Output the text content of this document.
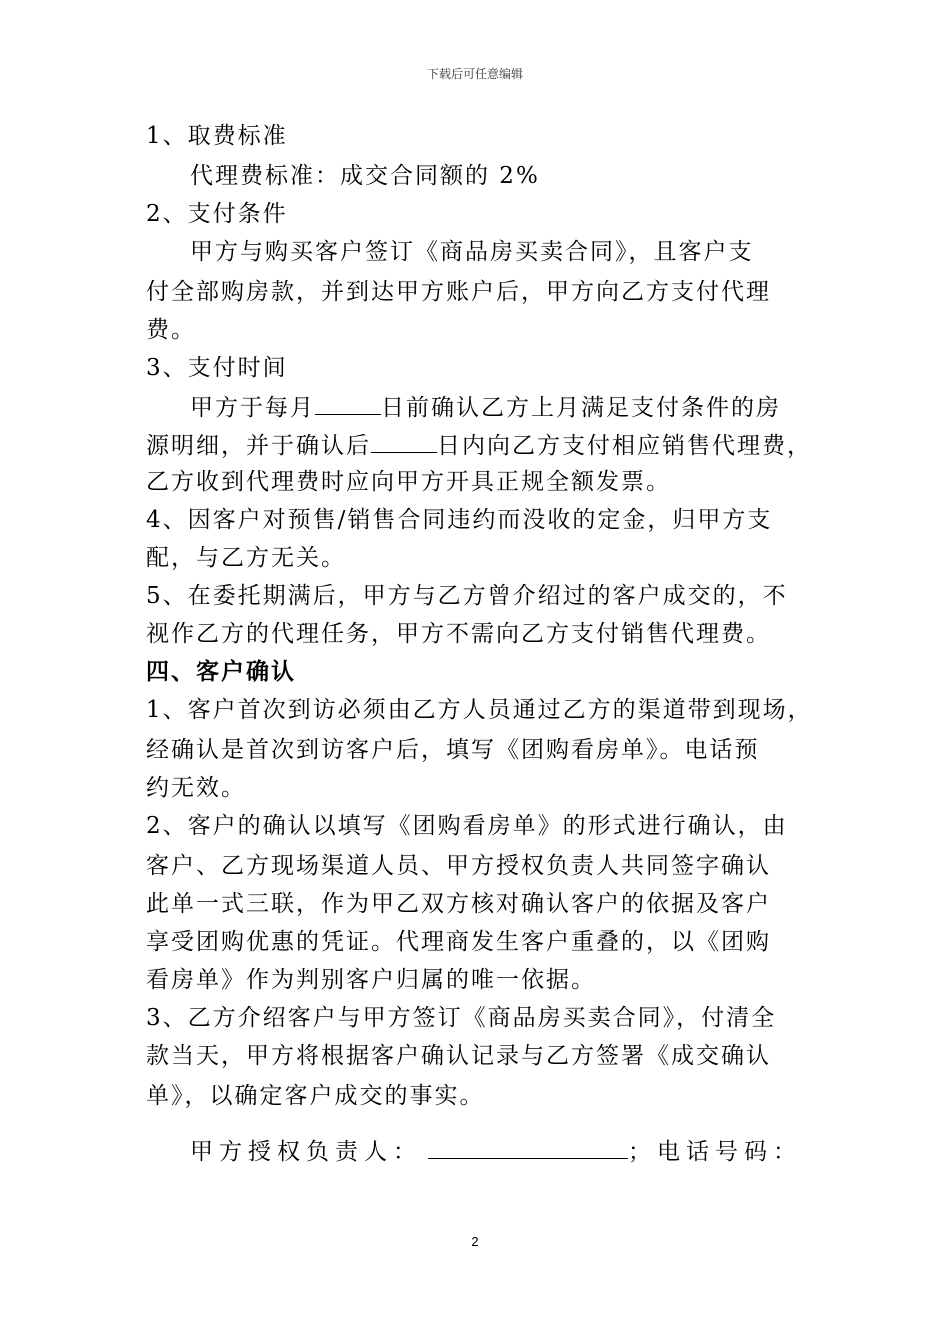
下载后可任意编辑
1、取费标准
代理费标准：成交合同额的 2%
2、支付条件
甲方与购买客户签订《商品房买卖合同》，且客户支
付全部购房款，并到达甲方账户后，甲方向乙方支付代理
费。
3、支付时间
甲方于每月	日前确认乙方上月满足支付条件的房
源明细，并于确认后	日内向乙方支付相应销售代理费，
乙方收到代理费时应向甲方开具正规全额发票。
4、因客户对预售/销售合同违约而没收的定金，归甲方支
配，与乙方无关。
5、在委托期满后，甲方与乙方曾介绍过的客户成交的，不
视作乙方的代理任务，甲方不需向乙方支付销售代理费。
四、客户确认
1、客户首次到访必须由乙方人员通过乙方的渠道带到现场，
经确认是首次到访客户后，填写《团购看房单》。电话预
约无效。
2、客户的确认以填写《团购看房单》的形式进行确认，由
客户、乙方现场渠道人员、甲方授权负责人共同签字确认
此单一式三联，作为甲乙双方核对确认客户的依据及客户
享受团购优惠的凭证。代理商发生客户重叠的，以《团购
看房单》作为判别客户归属的唯一依据。
3、乙方介绍客户与甲方签订《商品房买卖合同》，付清全
款当天，甲方将根据客户确认记录与乙方签署《成交确认
单》，以确定客户成交的事实。
甲方授权负责人：	；电话号码：
2
